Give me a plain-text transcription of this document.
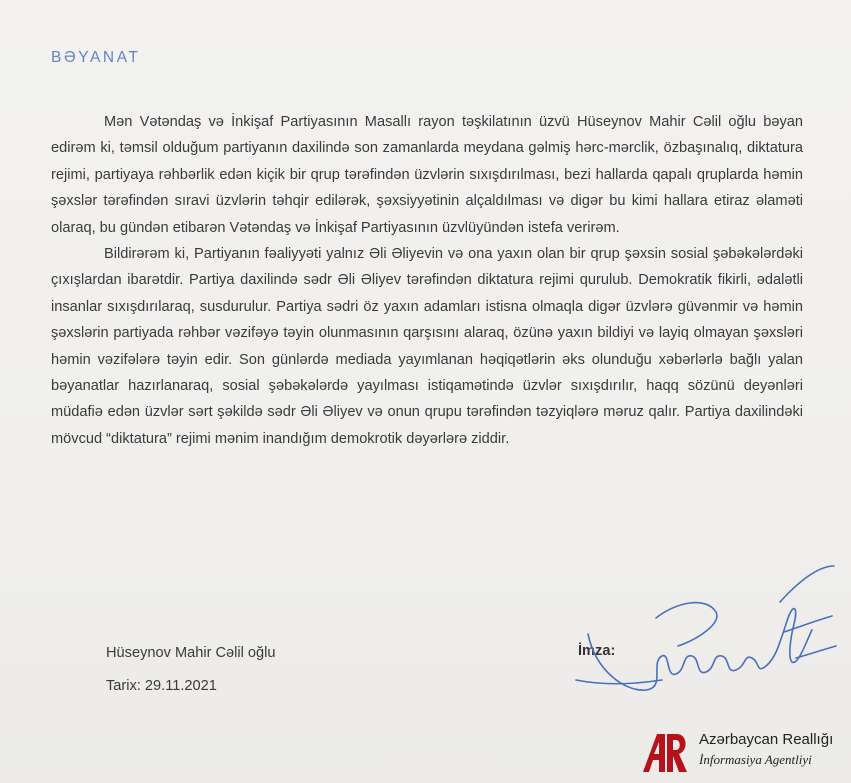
BƏYANAT

Mən Vətəndaş və İnkişaf Partiyasının Masallı rayon təşkilatının üzvü Hüseynov Mahir Cəlil oğlu bəyan edirəm ki, təmsil olduğum partiyanın daxilində son zamanlarda meydana gəlmiş hərc-mərclik, özbaşınalıq, diktatura rejimi, partiyaya rəhbərlik edən kiçik bir qrup tərəfindən üzvlərin sıxışdırılması, bezi hallarda qapalı qruplarda həmin şəxslər tərəfindən sıravi üzvlərin təhqir edilərək, şəxsiyyətinin alçaldılması və digər bu kimi hallara etiraz əlaməti olaraq, bu gündən etibarən Vətəndaş və İnkişaf Partiyasının üzvlüyündən istefa verirəm.

Bildirərəm ki, Partiyanın fəaliyyəti yalnız Əli Əliyevin və ona yaxın olan bir qrup şəxsin sosial şəbəkələrdəki çıxışlardan ibarətdir. Partiya daxilində sədr Əli Əliyev tərəfindən diktatura rejimi qurulub. Demokratik fikirli, ədalətli insanlar sıxışdırılaraq, susdurulur. Partiya sədri öz yaxın adamları istisna olmaqla digər üzvlərə güvənmir və həmin şəxslərin partiyada rəhbər vəzifəyə təyin olunmasının qarşısını alaraq, özünə yaxın bildiyi və layiq olmayan şəxsləri həmin vəzifələrə təyin edir. Son günlərdə mediada yayımlanan həqiqətlərin əks olunduğu xəbərlərlə bağlı yalan bəyanatlar hazırlanaraq, sosial şəbəkələrdə yayılması istiqamətində üzvlər sıxışdırılır, haqq sözünü deyənləri müdafiə edən üzvlər sərt şəkildə sədr Əli Əliyev və onun qrupu tərəfindən təzyiqlərə məruz qalır. Partiya daxilindəki mövcud “diktatura” rejimi mənim inandığım demokrotik dəyərlərə ziddir.

Hüseynov Mahir Cəlil oğlu
Tarix: 29.11.2021
İmza:
Azərbaycan Reallığı
İnformasiya Agentliyi
